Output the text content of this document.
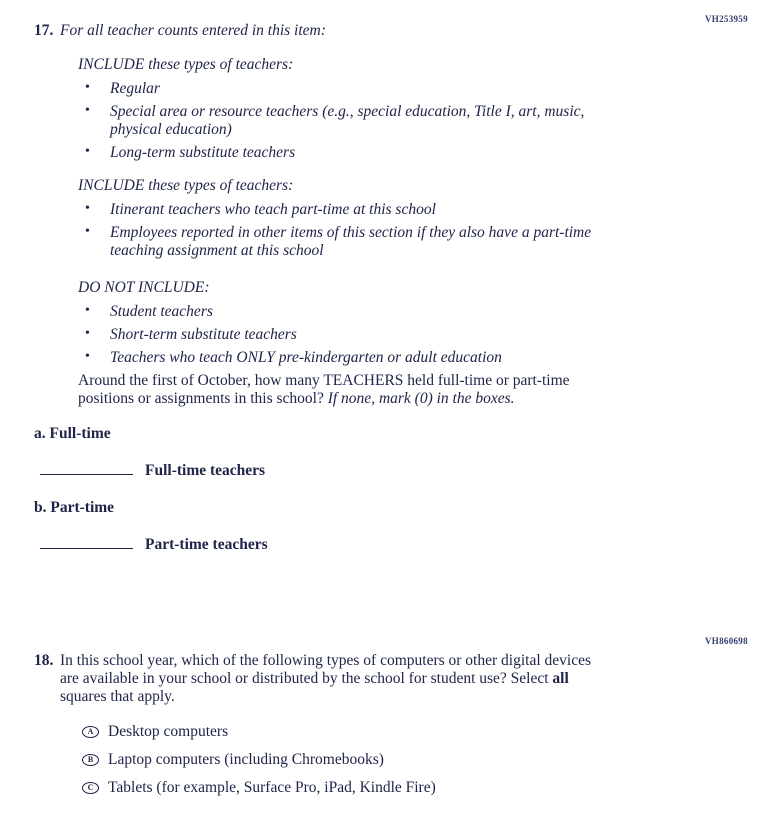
VH253959
VH860698
17. For all teacher counts entered in this item:

INCLUDE these types of teachers:

• Regular
• Special area or resource teachers (e.g., special education, Title I, art, music, physical education)
• Long-term substitute teachers

INCLUDE these types of teachers:

• Itinerant teachers who teach part-time at this school
• Employees reported in other items of this section if they also have a part-time teaching assignment at this school

DO NOT INCLUDE:

• Student teachers
• Short-term substitute teachers
• Teachers who teach ONLY pre-kindergarten or adult education

Around the first of October, how many TEACHERS held full-time or part-time positions or assignments in this school? If none, mark (0) in the boxes.

a. Full-time

Full-time teachers

b. Part-time

Part-time teachers
18. In this school year, which of the following types of computers or other digital devices are available in your school or distributed by the school for student use? Select all squares that apply.

A Desktop computers
B Laptop computers (including Chromebooks)
C Tablets (for example, Surface Pro, iPad, Kindle Fire)
